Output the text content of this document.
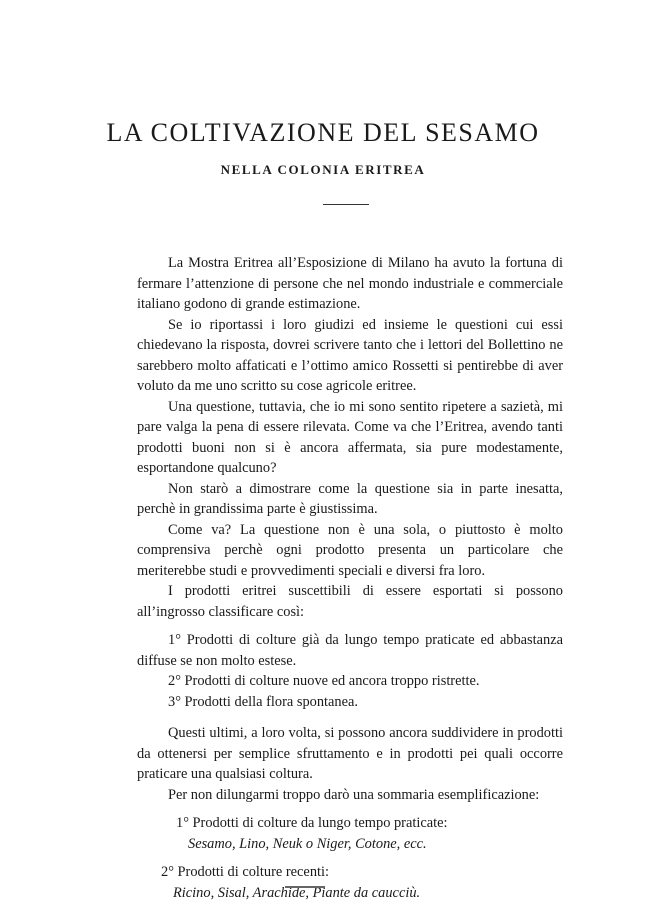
LA COLTIVAZIONE DEL SESAMO
NELLA COLONIA ERITREA

La Mostra Eritrea all’Esposizione di Milano ha avuto la fortuna di fermare l’attenzione di persone che nel mondo industriale e commerciale italiano godono di grande estimazione.

Se io riportassi i loro giudizi ed insieme le questioni cui essi chiedevano la risposta, dovrei scrivere tanto che i lettori del Bollettino ne sarebbero molto affaticati e l’ottimo amico Rossetti si pentirebbe di aver voluto da me uno scritto su cose agricole eritree.

Una questione, tuttavia, che io mi sono sentito ripetere a sazietà, mi pare valga la pena di essere rilevata. Come va che l’Eritrea, avendo tanti prodotti buoni non si è ancora affermata, sia pure modestamente, esportandone qualcuno?

Non starò a dimostrare come la questione sia in parte inesatta, perchè in grandissima parte è giustissima.

Come va? La questione non è una sola, o piuttosto è molto comprensiva perchè ogni prodotto presenta un particolare che meriterebbe studi e provvedimenti speciali e diversi fra loro.

I prodotti eritrei suscettibili di essere esportati si possono all’ingrosso classificare così:

1° Prodotti di colture già da lungo tempo praticate ed abbastanza diffuse se non molto estese.

2° Prodotti di colture nuove ed ancora troppo ristrette.

3° Prodotti della flora spontanea.

Questi ultimi, a loro volta, si possono ancora suddividere in prodotti da ottenersi per semplice sfruttamento e in prodotti pei quali occorre praticare una qualsiasi coltura.

Per non dilungarmi troppo darò una sommaria esemplificazione:

1° Prodotti di colture da lungo tempo praticate:
Sesamo, Lino, Neuk o Niger, Cotone, ecc.
2° Prodotti di colture recenti:
Ricino, Sisal, Arachide, Piante da caucciù.
